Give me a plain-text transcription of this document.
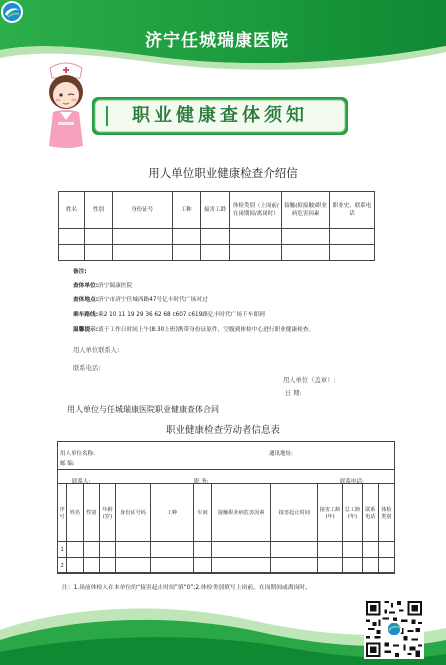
济宁任城瑞康医院
职业健康查体须知
用人单位职业健康检查介绍信
姓名	性别	身份证号	工种	接害工龄	体检类别（上岗前/在岗期间/离岗时）	接触(拟接触)职业病危害因素	职业史、联系电话

备注:
查体单位:济宁瑞康医院
查体地点:济宁市济宁任城西路47号亿丰时代广场对过
乘车路线:乘2 10 11 19 29 36 62 68 c607 c619路亿丰时代广场下车即到
温馨提示:请于工作日时间上午(8:30上班)携带身份证原件，空腹到体检中心进行职业健康检查。
用人单位联系人:
联系电话:
用人单位（盖章）:
日 期:
用人单位与任城瑞康医院职业健康查体合同
职业健康检查劳动者信息表
用人单位名称:	通讯地址:
邮 编:
联系人:	职 务:	联系电话:
序号	姓名	性别	年龄(岁)	身份证号码	工种	车间	接触职业病危害因素	接害起止时间	接害工龄(年)	总工龄(年)	联系电话	体检类别
1												
2												
注：1.岗前体检人在本单位的“接害起止时间”填“0”;2.体检类别填写上岗前、在岗期间或离岗时。
